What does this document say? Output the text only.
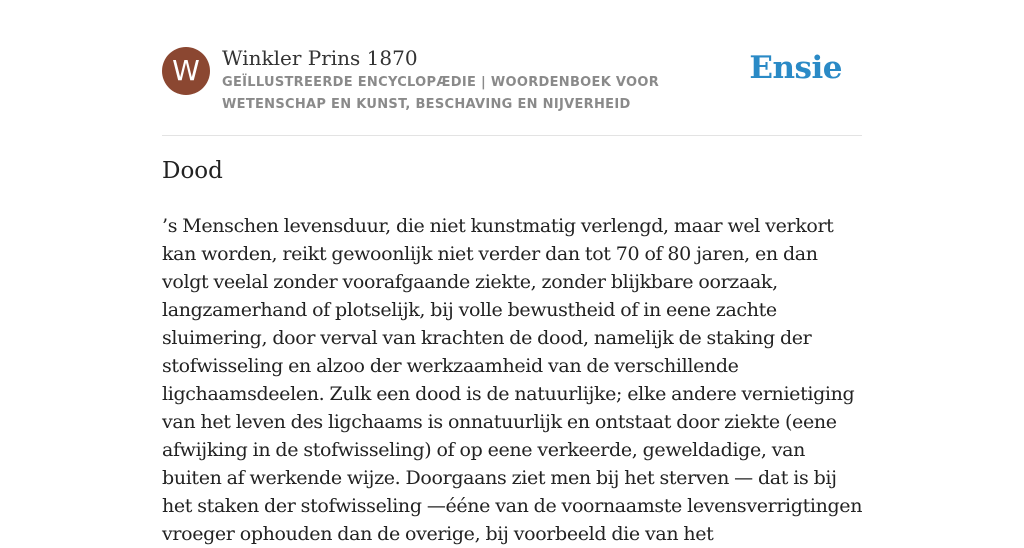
W	Winkler Prins 1870
GEÏLLUSTREERDE ENCYCLOPÆDIE | WOORDENBOEK VOOR WETENSCHAP EN KUNST, BESCHAVING EN NIJVERHEID
Ensie
Dood

’s Menschen levensduur, die niet kunstmatig verlengd, maar wel verkort kan worden, reikt gewoonlijk niet verder dan tot 70 of 80 jaren, en dan volgt veelal zonder voorafgaande ziekte, zonder blijkbare oorzaak, langzamerhand of plotselijk, bij volle bewustheid of in eene zachte sluimering, door verval van krachten de dood, namelijk de staking der stofwisseling en alzoo der werkzaamheid van de verschillende ligchaamsdeelen. Zulk een dood is de natuurlijke; elke andere vernietiging van het leven des ligchaams is onnatuurlijk en ontstaat door ziekte (eene afwijking in de stofwisseling) of op eene verkeerde, geweldadige, van buiten af werkende wijze. Doorgaans ziet men bij het sterven — dat is bij het staken der stofwisseling —ééne van de voornaamste levensverrigtingen vroeger ophouden dan de overige, bij voorbeeld die van het
